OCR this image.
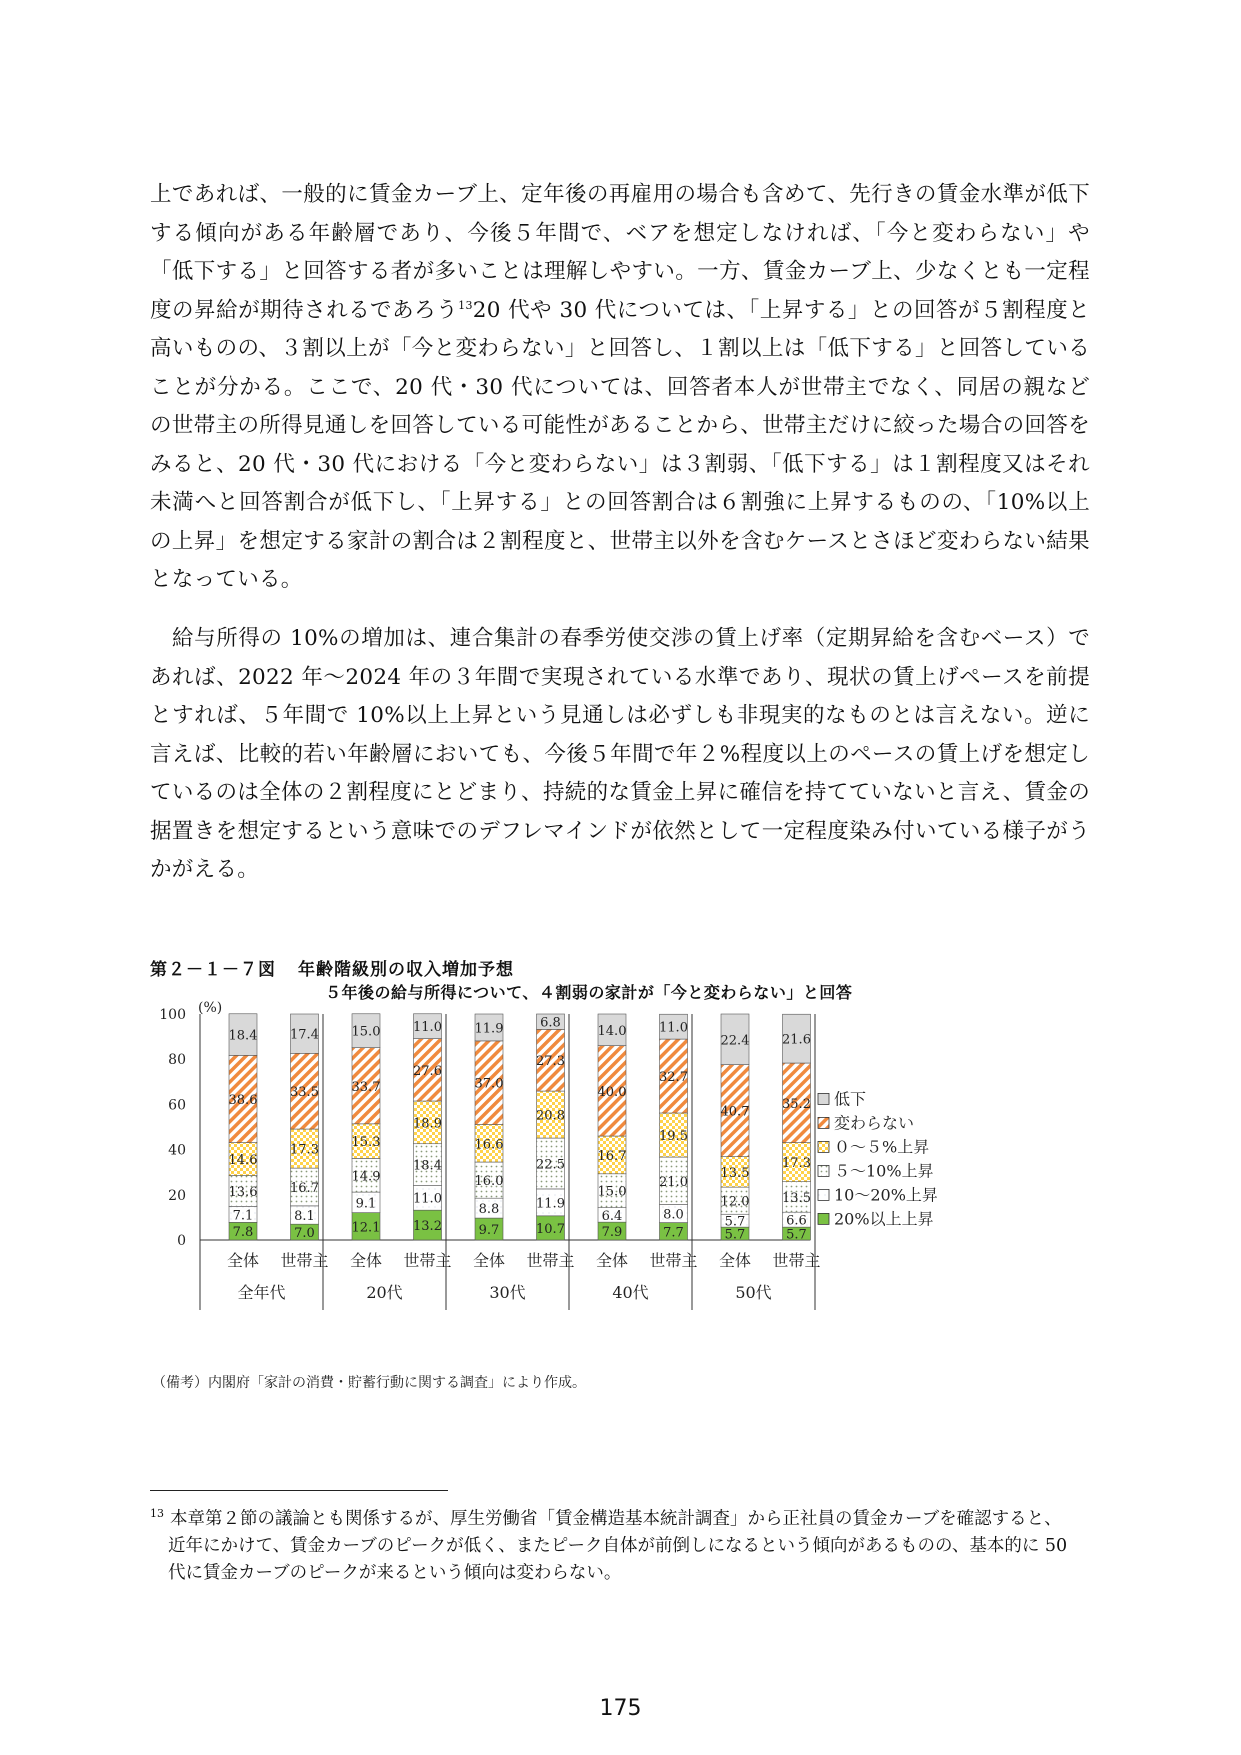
上であれば、一般的に賃金カーブ上、定年後の再雇用の場合も含めて、先行きの賃金水準が低下する傾向がある年齢層であり、今後５年間で、ベアを想定しなければ、「今と変わらない」や「低下する」と回答する者が多いことは理解しやすい。一方、賃金カーブ上、少なくとも一定程度の昇給が期待されるであろう$^{13}$20 代や 30 代については、「上昇する」との回答が５割程度と高いものの、３割以上が「今と変わらない」と回答し、１割以上は「低下する」と回答していることが分かる。ここで、20 代・30 代については、回答者本人が世帯主でなく、同居の親などの世帯主の所得見通しを回答している可能性があることから、世帯主だけに絞った場合の回答をみると、20 代・30 代における「今と変わらない」は３割弱、「低下する」は１割程度又はそれ未満へと回答割合が低下し、「上昇する」との回答割合は６割強に上昇するものの、「10%以上の上昇」を想定する家計の割合は２割程度と、世帯主以外を含むケースとさほど変わらない結果となっている。

給与所得の 10%の増加は、連合集計の春季労使交渉の賃上げ率（定期昇給を含むベース）であれば、2022 年～2024 年の３年間で実現されている水準であり、現状の賃上げペースを前提とすれば、５年間で 10%以上上昇という見通しは必ずしも非現実的なものとは言えない。逆に言えば、比較的若い年齢層においても、今後５年間で年２%程度以上のペースの賃上げを想定しているのは全体の２割程度にとどまり、持続的な賃金上昇に確信を持てていないと言え、賃金の据置きを想定するという意味でのデフレマインドが依然として一定程度染み付いている様子がうかがえる。

第２－１－７図 年齢階級別の収入増加予想
５年後の給与所得について、４割弱の家計が「今と変わらない」と回答
0
20
40
60
80
100 (%)
7.8
7.1
13.6
14.6
38.6
18.4
7.0
8.1
16.7
17.3
33.5
17.4
12.1
9.1
14.9
15.3
33.7
15.0
13.2
11.0
18.4
18.9
27.6
11.0
9.7
8.8
16.0
16.6
37.0
11.9
10.7
11.9
22.5
20.8
27.3
6.8
7.9
6.4
15.0
16.7
40.0
14.0
7.7
8.0
21.0
19.5
32.7
11.0
5.7
5.7
12.0
13.5
40.7
22.4
5.7
6.6
13.5
17.3
35.2
21.6
全体 世帯主 全体 世帯主 全体 世帯主 全体 世帯主 全体 世帯主
全年代	20代	30代	40代	50代
低下
変わらない
０〜５%上昇
５〜10%上昇
10〜20%上昇
20%以上上昇
（備考）内閣府「家計の消費・貯蓄行動に関する調査」により作成。
$^{13}$ 本章第２節の議論とも関係するが、厚生労働省「賃金構造基本統計調査」から正社員の賃金カーブを確認すると、近年にかけて、賃金カーブのピークが低く、またピーク自体が前倒しになるという傾向があるものの、基本的に 50 代に賃金カーブのピークが来るという傾向は変わらない。
175
